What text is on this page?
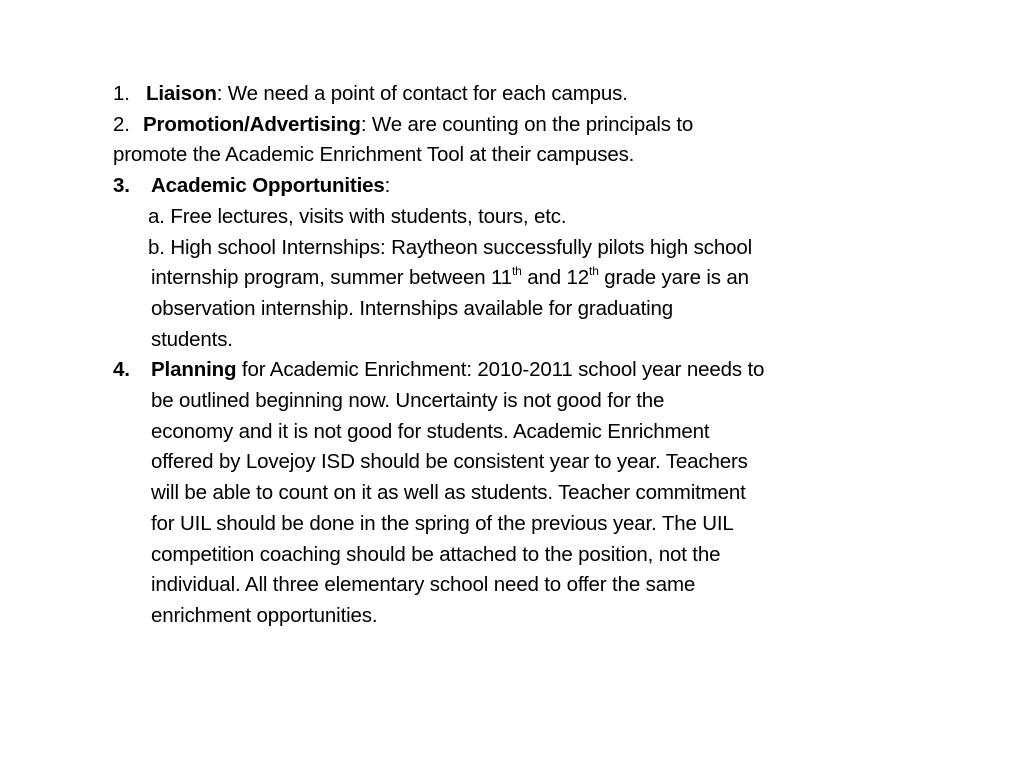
1. Liaison: We need a point of contact for each campus.
2. Promotion/Advertising: We are counting on the principals to
promote the Academic Enrichment Tool at their campuses.
3. Academic Opportunities:
a. Free lectures, visits with students, tours, etc.
b. High school Internships: Raytheon successfully pilots high school
internship program, summer between 11th and 12th grade yare is an
observation internship. Internships available for graduating
students.
4. Planning for Academic Enrichment: 2010-2011 school year needs to
be outlined beginning now. Uncertainty is not good for the
economy and it is not good for students. Academic Enrichment
offered by Lovejoy ISD should be consistent year to year. Teachers
will be able to count on it as well as students. Teacher commitment
for UIL should be done in the spring of the previous year. The UIL
competition coaching should be attached to the position, not the
individual. All three elementary school need to offer the same
enrichment opportunities.
